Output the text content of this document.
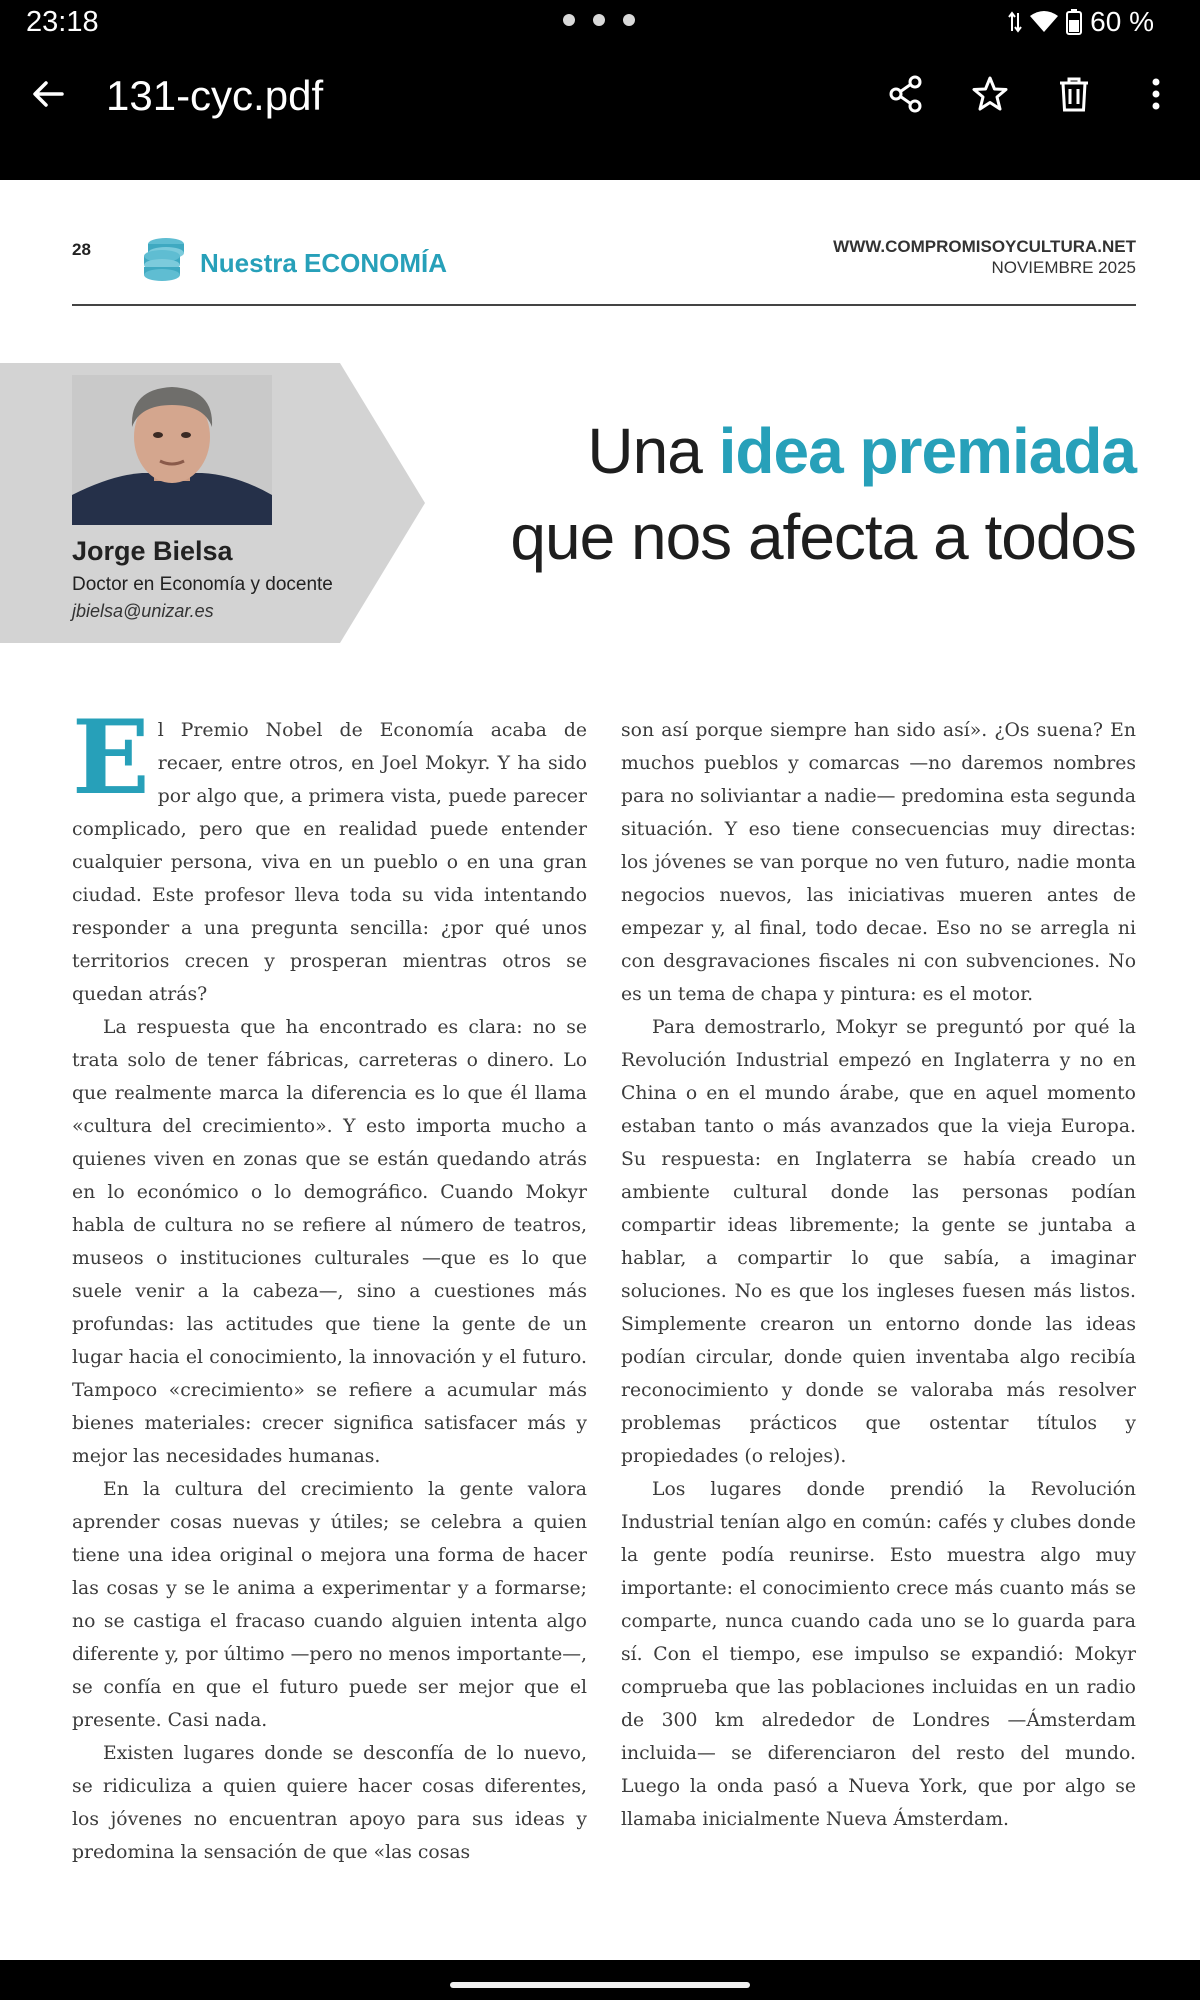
23:18	60 %
131-cyc.pdf
28	Nuestra ECONOMÍA
WWW.COMPROMISOYCULTURA.NET
NOVIEMBRE 2025
Jorge Bielsa
Doctor en Economía y docente
jbielsa@unizar.es
Una idea premiada
que nos afecta a todos

El Premio Nobel de Economía acaba de recaer, entre otros, en Joel Mokyr. Y ha sido por algo que, a primera vista, puede parecer complicado, pero que en realidad puede entender cualquier persona, viva en un pueblo o en una gran ciudad. Este profesor lleva toda su vida intentando responder a una pregunta sencilla: ¿por qué unos territorios crecen y prosperan mientras otros se quedan atrás?

La respuesta que ha encontrado es clara: no se trata solo de tener fábricas, carreteras o dinero. Lo que realmente marca la diferencia es lo que él llama «cultura del crecimiento». Y esto importa mucho a quienes viven en zonas que se están quedando atrás en lo económico o lo demográfico. Cuando Mokyr habla de cultura no se refiere al número de teatros, museos o instituciones culturales —que es lo que suele venir a la cabeza—, sino a cuestiones más profundas: las actitudes que tiene la gente de un lugar hacia el conocimiento, la innovación y el futuro. Tampoco «crecimiento» se refiere a acumular más bienes materiales: crecer significa satisfacer más y mejor las necesidades humanas.

En la cultura del crecimiento la gente valora aprender cosas nuevas y útiles; se celebra a quien tiene una idea original o mejora una forma de hacer las cosas y se le anima a experimentar y a formarse; no se castiga el fracaso cuando alguien intenta algo diferente y, por último —pero no menos importante—, se confía en que el futuro puede ser mejor que el presente. Casi nada.

Existen lugares donde se desconfía de lo nuevo, se ridiculiza a quien quiere hacer cosas diferentes, los jóvenes no encuentran apoyo para sus ideas y predomina la sensación de que «las cosas

son así porque siempre han sido así». ¿Os suena? En muchos pueblos y comarcas —no daremos nombres para no soliviantar a nadie— predomina esta segunda situación. Y eso tiene consecuencias muy directas: los jóvenes se van porque no ven futuro, nadie monta negocios nuevos, las iniciativas mueren antes de empezar y, al final, todo decae. Eso no se arregla ni con desgravaciones fiscales ni con subvenciones. No es un tema de chapa y pintura: es el motor.

Para demostrarlo, Mokyr se preguntó por qué la Revolución Industrial empezó en Inglaterra y no en China o en el mundo árabe, que en aquel momento estaban tanto o más avanzados que la vieja Europa. Su respuesta: en Inglaterra se había creado un ambiente cultural donde las personas podían compartir ideas libremente; la gente se juntaba a hablar, a compartir lo que sabía, a imaginar soluciones. No es que los ingleses fuesen más listos. Simplemente crearon un entorno donde las ideas podían circular, donde quien inventaba algo recibía reconocimiento y donde se valoraba más resolver problemas prácticos que ostentar títulos y propiedades (o relojes).

Los lugares donde prendió la Revolución Industrial tenían algo en común: cafés y clubes donde la gente podía reunirse. Esto muestra algo muy importante: el conocimiento crece más cuanto más se comparte, nunca cuando cada uno se lo guarda para sí. Con el tiempo, ese impulso se expandió: Mokyr comprueba que las poblaciones incluidas en un radio de 300 km alrededor de Londres —Ámsterdam incluida— se diferenciaron del resto del mundo. Luego la onda pasó a Nueva York, que por algo se llamaba inicialmente Nueva Ámsterdam.
